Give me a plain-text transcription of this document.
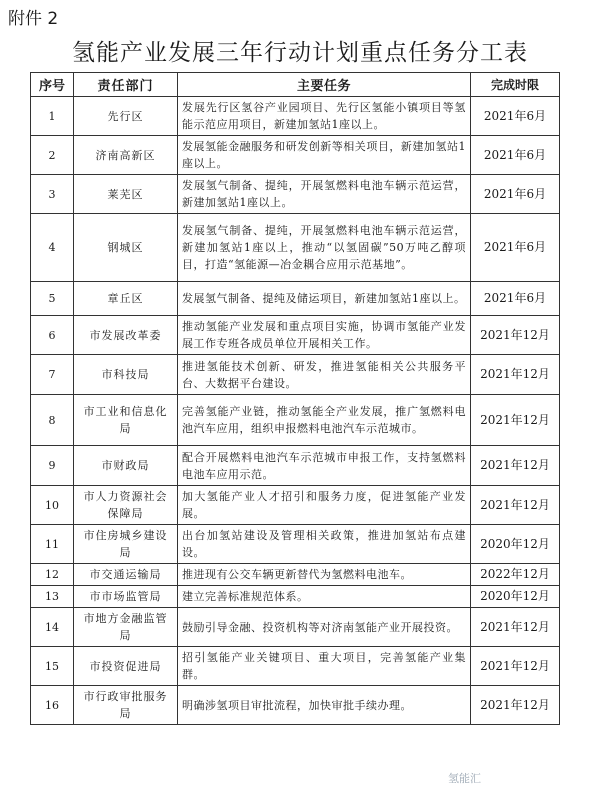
附件 2
氢能产业发展三年行动计划重点任务分工表
序号	责任部门	主要任务	完成时限
1	先行区	发展先行区氢谷产业园项目、先行区氢能小镇项目等氢能示范应用项目，新建加氢站1座以上。	2021年6月
2	济南高新区	发展氢能金融服务和研发创新等相关项目，新建加氢站1座以上。	2021年6月
3	莱芜区	发展氢气制备、提纯，开展氢燃料电池车辆示范运营，新建加氢站1座以上。	2021年6月
4	钢城区	发展氢气制备、提纯，开展氢燃料电池车辆示范运营，新建加氢站1座以上，推动“以氢固碳”50万吨乙醇项目，打造“氢能源—冶金耦合应用示范基地”。	2021年6月
5	章丘区	发展氢气制备、提纯及储运项目，新建加氢站1座以上。	2021年6月
6	市发展改革委	推动氢能产业发展和重点项目实施，协调市氢能产业发展工作专班各成员单位开展相关工作。	2021年12月
7	市科技局	推进氢能技术创新、研发，推进氢能相关公共服务平台、大数据平台建设。	2021年12月
8	市工业和信息化局	完善氢能产业链，推动氢能全产业发展，推广氢燃料电池汽车应用，组织申报燃料电池汽车示范城市。	2021年12月
9	市财政局	配合开展燃料电池汽车示范城市申报工作，支持氢燃料电池车应用示范。	2021年12月
10	市人力资源社会保障局	加大氢能产业人才招引和服务力度，促进氢能产业发展。	2021年12月
11	市住房城乡建设局	出台加氢站建设及管理相关政策，推进加氢站布点建设。	2020年12月
12	市交通运输局	推进现有公交车辆更新替代为氢燃料电池车。	2022年12月
13	市市场监管局	建立完善标准规范体系。	2020年12月
14	市地方金融监管局	鼓励引导金融、投资机构等对济南氢能产业开展投资。	2021年12月
15	市投资促进局	招引氢能产业关键项目、重大项目，完善氢能产业集群。	2021年12月
16	市行政审批服务局	明确涉氢项目审批流程，加快审批手续办理。	2021年12月
氢能汇
